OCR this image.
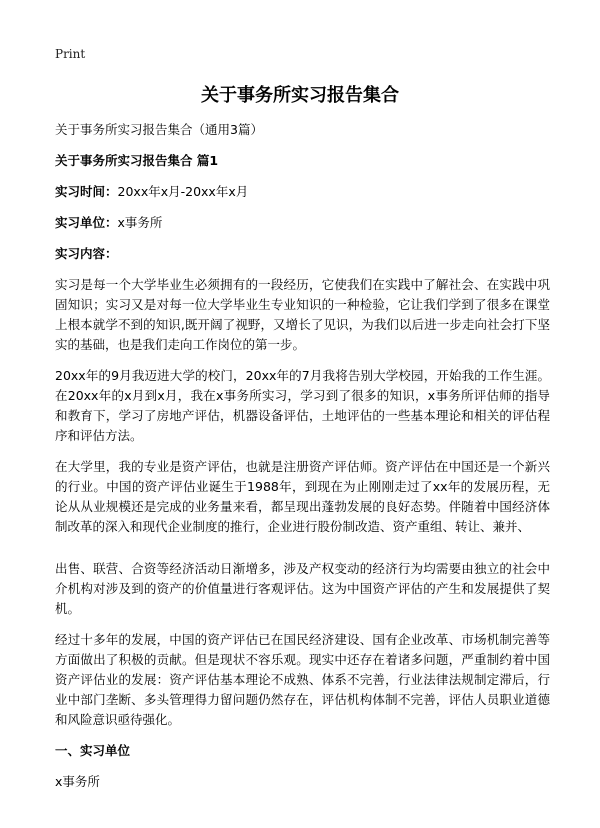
Print
关于事务所实习报告集合

关于事务所实习报告集合（通用3篇）

关于事务所实习报告集合 篇1

实习时间：20xx年x月-20xx年x月

实习单位：x事务所

实习内容：

实习是每一个大学毕业生必须拥有的一段经历，它使我们在实践中了解社会、在实践中巩固知识；实习又是对每一位大学毕业生专业知识的一种检验，它让我们学到了很多在课堂上根本就学不到的知识,既开阔了视野，又增长了见识，为我们以后进一步走向社会打下坚实的基础，也是我们走向工作岗位的第一步。

20xx年的9月我迈进大学的校门，20xx年的7月我将告别大学校园，开始我的工作生涯。在20xx年的x月到x月，我在x事务所实习，学习到了很多的知识，x事务所评估师的指导和教育下，学习了房地产评估，机器设备评估，土地评估的一些基本理论和相关的评估程序和评估方法。

在大学里，我的专业是资产评估，也就是注册资产评估师。资产评估在中国还是一个新兴的行业。中国的资产评估业诞生于1988年，到现在为止刚刚走过了xx年的发展历程，无论从从业规模还是完成的业务量来看，都呈现出蓬勃发展的良好态势。伴随着中国经济体制改革的深入和现代企业制度的推行，企业进行股份制改造、资产重组、转让、兼并、

出售、联营、合资等经济活动日渐增多，涉及产权变动的经济行为均需要由独立的社会中介机构对涉及到的资产的价值量进行客观评估。这为中国资产评估的产生和发展提供了契机。

经过十多年的发展，中国的资产评估已在国民经济建设、国有企业改革、市场机制完善等方面做出了积极的贡献。但是现状不容乐观。现实中还存在着诸多问题，严重制约着中国资产评估业的发展：资产评估基本理论不成熟、体系不完善，行业法律法规制定滞后，行业中部门垄断、多头管理得力留问题仍然存在，评估机构体制不完善，评估人员职业道德和风险意识亟待强化。

一、实习单位

x事务所
